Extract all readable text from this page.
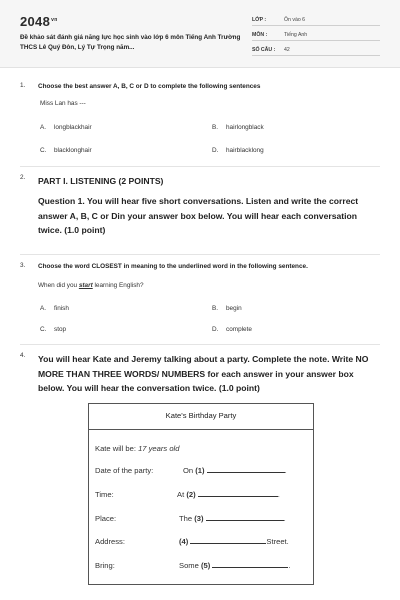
$2048^{vn}$
Đề khảo sát đánh giá năng lực học sinh vào lớp 6 môn Tiếng Anh Trường THCS Lê Quý Đôn, Lý Tự Trọng năm...
LỚP :	Ôn vào 6
MÔN :	Tiếng Anh
SỐ CÂU : 42
1. Choose the best answer A, B, C or D to complete the following sentences
Miss Lan has ---
A. longblackhair	B. hairlongblack
C. blacklonghair	D. hairblacklong
2. PART I. LISTENING (2 POINTS)
Question 1. You will hear five short conversations. Listen and write the correct answer A, B, C or Din your answer box below. You will hear each conversation twice. (1.0 point)
3. Choose the word CLOSEST in meaning to the underlined word in the following sentence.
When did you start learning English?
A. finish	B. begin
C. stop	D. complete
4. You will hear Kate and Jeremy talking about a party. Complete the note. Write NO MORE THAN THREE WORDS/ NUMBERS for each answer in your answer box below. You will hear the conversation twice. (1.0 point)
Kate's Birthday Party
Kate will be: 17 years old
Date of the party:	On (1)	.
Time:	At (2)	.
Place:	The (3)	.
Address:	(4)	Street.
Bring:	Some (5)	.
